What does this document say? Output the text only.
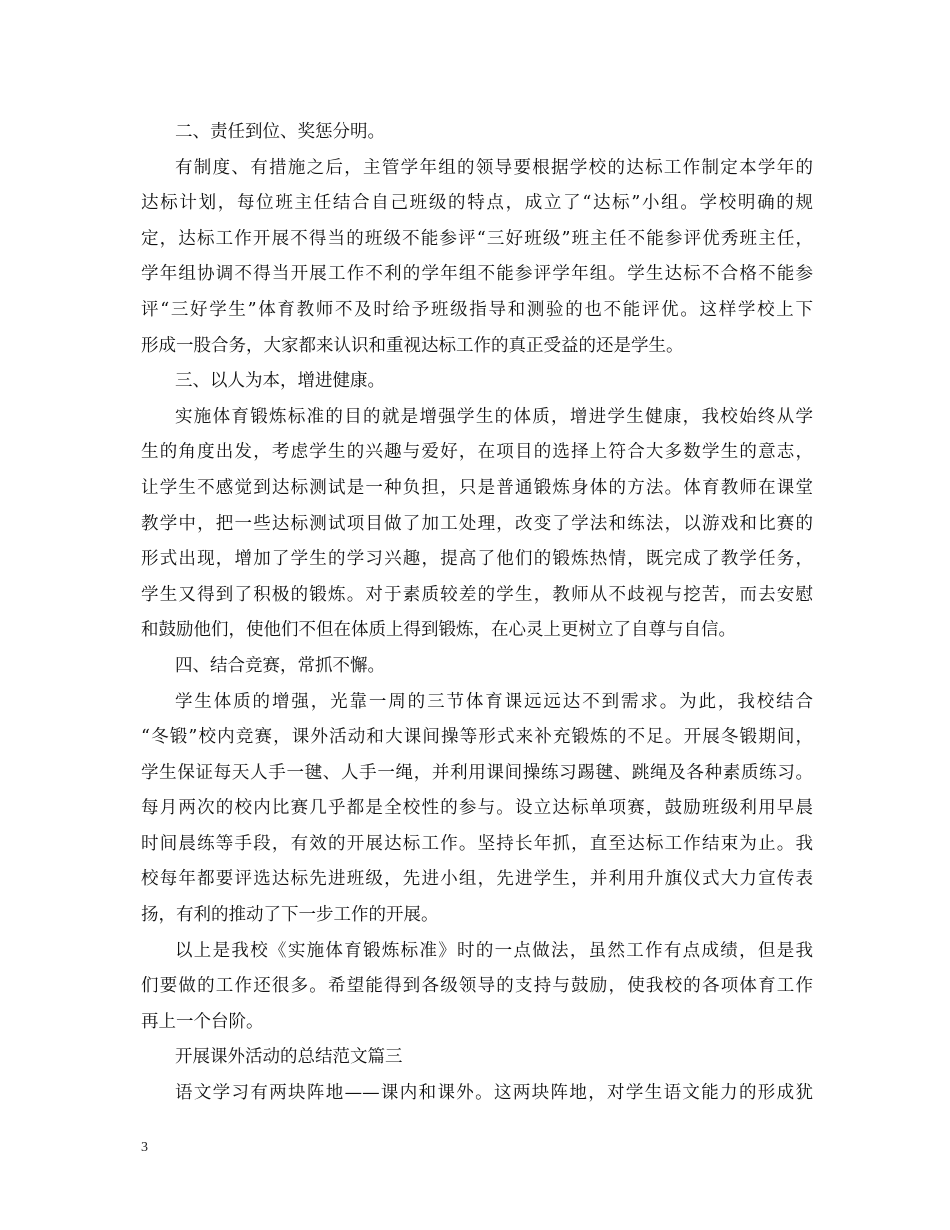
二、责任到位、奖惩分明。
有制度、有措施之后，主管学年组的领导要根据学校的达标工作制定本学年的
达标计划，每位班主任结合自己班级的特点，成立了“达标”小组。学校明确的规
定，达标工作开展不得当的班级不能参评“三好班级”班主任不能参评优秀班主任，
学年组协调不得当开展工作不利的学年组不能参评学年组。学生达标不合格不能参
评“三好学生”体育教师不及时给予班级指导和测验的也不能评优。这样学校上下
形成一股合务，大家都来认识和重视达标工作的真正受益的还是学生。
三、以人为本，增进健康。
实施体育锻炼标准的目的就是增强学生的体质，增进学生健康，我校始终从学
生的角度出发，考虑学生的兴趣与爱好，在项目的选择上符合大多数学生的意志，
让学生不感觉到达标测试是一种负担，只是普通锻炼身体的方法。体育教师在课堂
教学中，把一些达标测试项目做了加工处理，改变了学法和练法，以游戏和比赛的
形式出现，增加了学生的学习兴趣，提高了他们的锻炼热情，既完成了教学任务，
学生又得到了积极的锻炼。对于素质较差的学生，教师从不歧视与挖苦，而去安慰
和鼓励他们，使他们不但在体质上得到锻炼，在心灵上更树立了自尊与自信。
四、结合竞赛，常抓不懈。
学生体质的增强，光靠一周的三节体育课远远达不到需求。为此，我校结合
“冬锻”校内竞赛，课外活动和大课间操等形式来补充锻炼的不足。开展冬锻期间，
学生保证每天人手一毽、人手一绳，并利用课间操练习踢毽、跳绳及各种素质练习。
每月两次的校内比赛几乎都是全校性的参与。设立达标单项赛，鼓励班级利用早晨
时间晨练等手段，有效的开展达标工作。坚持长年抓，直至达标工作结束为止。我
校每年都要评选达标先进班级，先进小组，先进学生，并利用升旗仪式大力宣传表
扬，有利的推动了下一步工作的开展。
以上是我校《实施体育锻炼标准》时的一点做法，虽然工作有点成绩，但是我
们要做的工作还很多。希望能得到各级领导的支持与鼓励，使我校的各项体育工作
再上一个台阶。
开展课外活动的总结范文篇三
语文学习有两块阵地——课内和课外。这两块阵地，对学生语文能力的形成犹
3
